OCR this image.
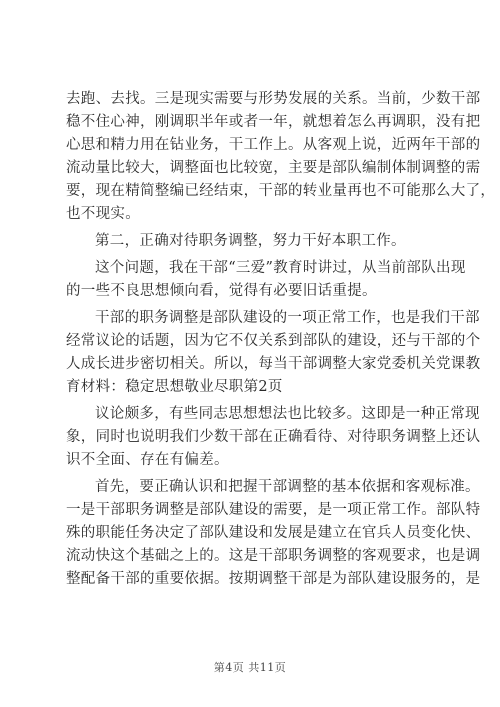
去跑、去找。三是现实需要与形势发展的关系。当前，少数干部
稳不住心神，刚调职半年或者一年，就想着怎么再调职，没有把
心思和精力用在钻业务，干工作上。从客观上说，近两年干部的
流动量比较大，调整面也比较宽，主要是部队编制体制调整的需
要，现在精简整编已经结束，干部的转业量再也不可能那么大了，
也不现实。

第二，正确对待职务调整，努力干好本职工作。

这个问题，我在干部“三爱”教育时讲过，从当前部队出现
的一些不良思想倾向看，觉得有必要旧话重提。

干部的职务调整是部队建设的一项正常工作，也是我们干部
经常议论的话题，因为它不仅关系到部队的建设，还与干部的个
人成长进步密切相关。所以，每当干部调整大家党委机关党课教
育材料：稳定思想敬业尽职第2页

议论颇多，有些同志思想想法也比较多。这即是一种正常现
象，同时也说明我们少数干部在正确看待、对待职务调整上还认
识不全面、存在有偏差。

首先，要正确认识和把握干部调整的基本依据和客观标准。
一是干部职务调整是部队建设的需要，是一项正常工作。部队特
殊的职能任务决定了部队建设和发展是建立在官兵人员变化快、
流动快这个基础之上的。这是干部职务调整的客观要求，也是调
整配备干部的重要依据。按期调整干部是为部队建设服务的，是

第4页 共11页
